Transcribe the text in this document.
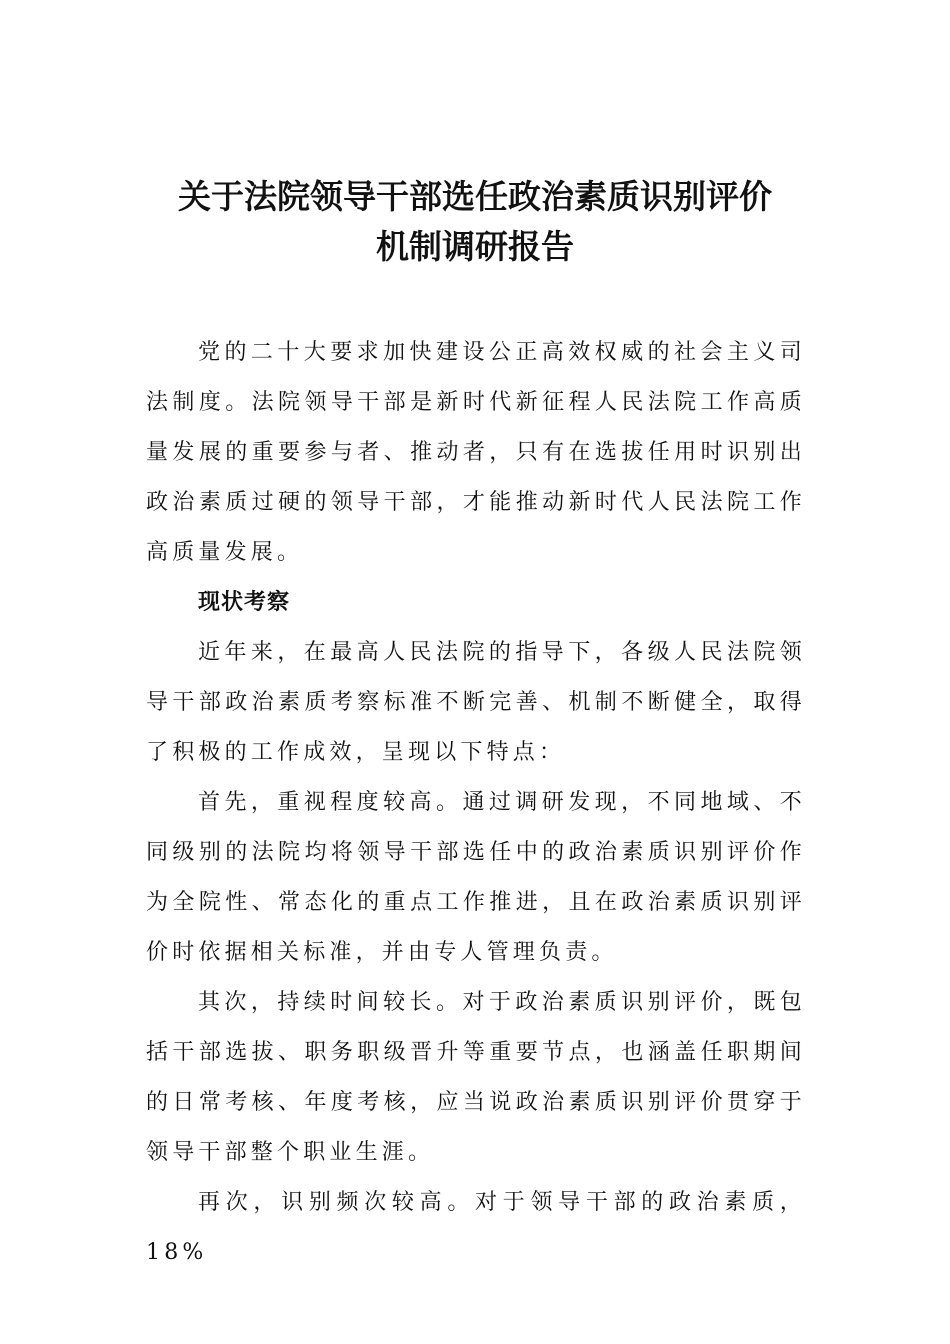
关于法院领导干部选任政治素质识别评价
机制调研报告

党的二十大要求加快建设公正高效权威的社会主义司法制度。法院领导干部是新时代新征程人民法院工作高质量发展的重要参与者、推动者，只有在选拔任用时识别出政治素质过硬的领导干部，才能推动新时代人民法院工作高质量发展。

现状考察

近年来，在最高人民法院的指导下，各级人民法院领导干部政治素质考察标准不断完善、机制不断健全，取得了积极的工作成效，呈现以下特点：

首先，重视程度较高。通过调研发现，不同地域、不同级别的法院均将领导干部选任中的政治素质识别评价作为全院性、常态化的重点工作推进，且在政治素质识别评价时依据相关标准，并由专人管理负责。

其次，持续时间较长。对于政治素质识别评价，既包括干部选拔、职务职级晋升等重要节点，也涵盖任职期间的日常考核、年度考核，应当说政治素质识别评价贯穿于领导干部整个职业生涯。

再次，识别频次较高。对于领导干部的政治素质，18%
